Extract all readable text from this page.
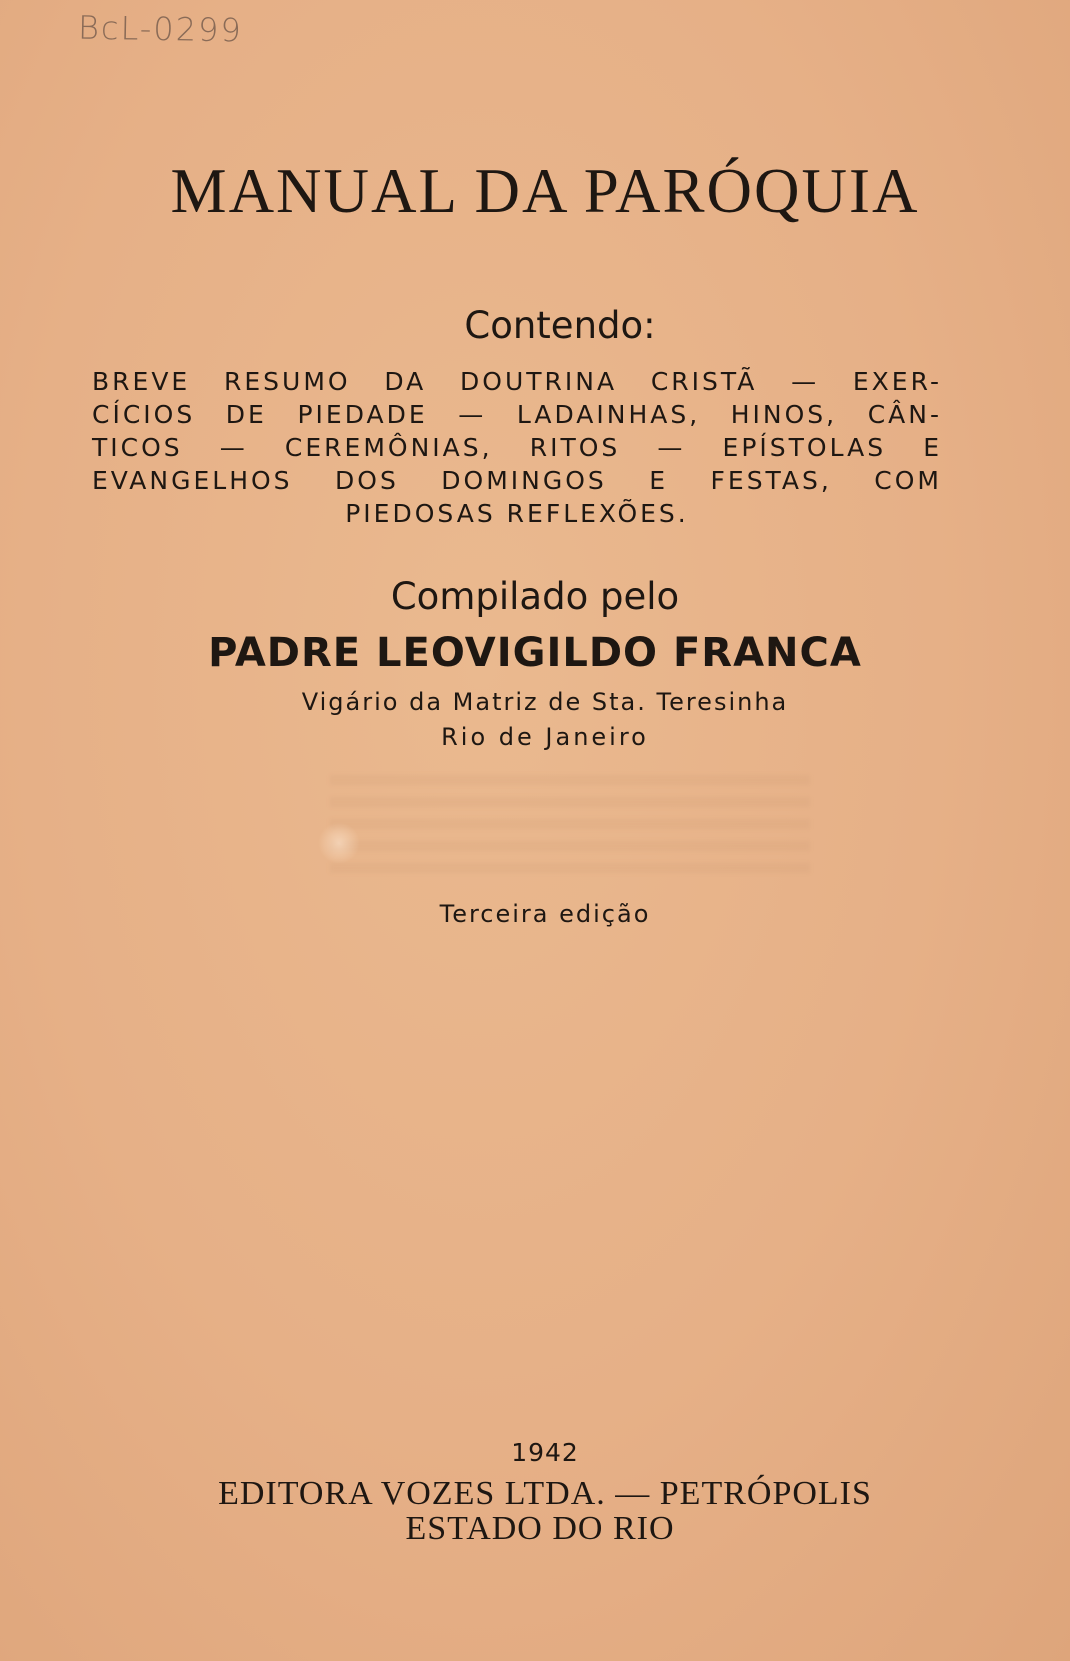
BcL-0299
MANUAL DA PARÓQUIA
Contendo:
BREVE RESUMO DA DOUTRINA CRISTÃ — EXER-
CÍCIOS DE PIEDADE — LADAINHAS, HINOS, CÂN-
TICOS — CEREMÔNIAS, RITOS — EPÍSTOLAS E
EVANGELHOS DOS DOMINGOS E FESTAS, COM
PIEDOSAS REFLEXÕES.
Compilado pelo
PADRE LEOVIGILDO FRANCA
Vigário da Matriz de Sta. Teresinha
Rio de Janeiro
Terceira edição
1942
EDITORA VOZES LTDA. — PETRÓPOLIS
ESTADO DO RIO
